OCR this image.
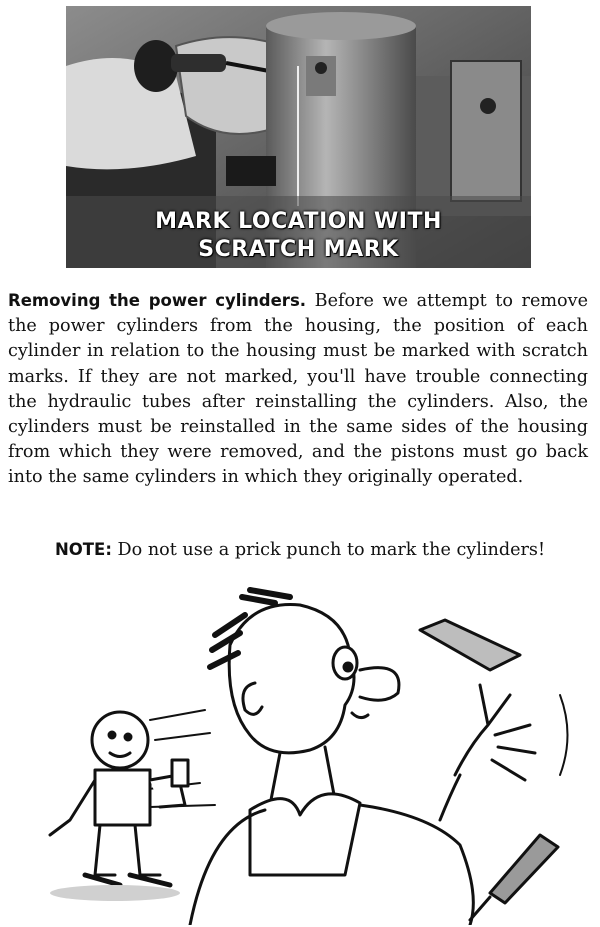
MARK LOCATION WITH
SCRATCH MARK

Removing the power cylinders. Before we attempt to remove the power cylinders from the housing, the position of each cylinder in relation to the housing must be marked with scratch marks. If they are not marked, you'll have trouble connecting the hydraulic tubes after reinstalling the cylinders. Also, the cylinders must be reinstalled in the same sides of the housing from which they were removed, and the pistons must go back into the same cylinders in which they originally operated.

NOTE: Do not use a prick punch to mark the cylinders!
